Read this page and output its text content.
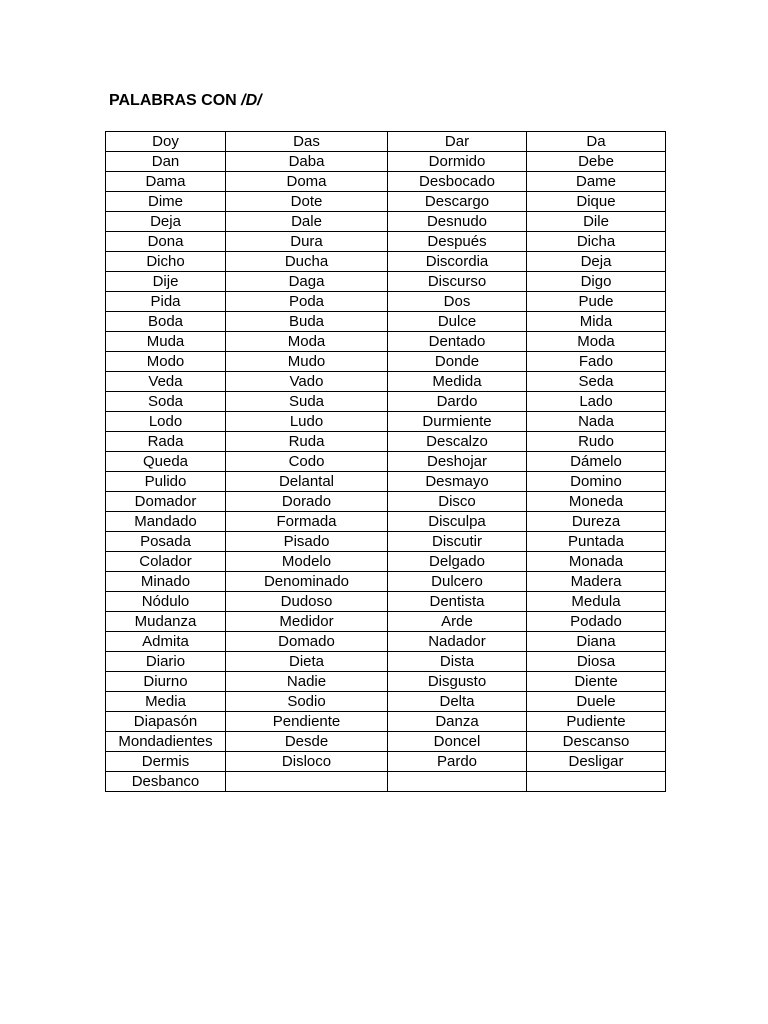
PALABRAS CON /D/
Doy	Das	Dar	Da
Dan	Daba	Dormido	Debe
Dama	Doma	Desbocado	Dame
Dime	Dote	Descargo	Dique
Deja	Dale	Desnudo	Dile
Dona	Dura	Después	Dicha
Dicho	Ducha	Discordia	Deja
Dije	Daga	Discurso	Digo
Pida	Poda	Dos	Pude
Boda	Buda	Dulce	Mida
Muda	Moda	Dentado	Moda
Modo	Mudo	Donde	Fado
Veda	Vado	Medida	Seda
Soda	Suda	Dardo	Lado
Lodo	Ludo	Durmiente	Nada
Rada	Ruda	Descalzo	Rudo
Queda	Codo	Deshojar	Dámelo
Pulido	Delantal	Desmayo	Domino
Domador	Dorado	Disco	Moneda
Mandado	Formada	Disculpa	Dureza
Posada	Pisado	Discutir	Puntada
Colador	Modelo	Delgado	Monada
Minado	Denominado	Dulcero	Madera
Nódulo	Dudoso	Dentista	Medula
Mudanza	Medidor	Arde	Podado
Admita	Domado	Nadador	Diana
Diario	Dieta	Dista	Diosa
Diurno	Nadie	Disgusto	Diente
Media	Sodio	Delta	Duele
Diapasón	Pendiente	Danza	Pudiente
Mondadientes	Desde	Doncel	Descanso
Dermis	Disloco	Pardo	Desligar
Desbanco			
